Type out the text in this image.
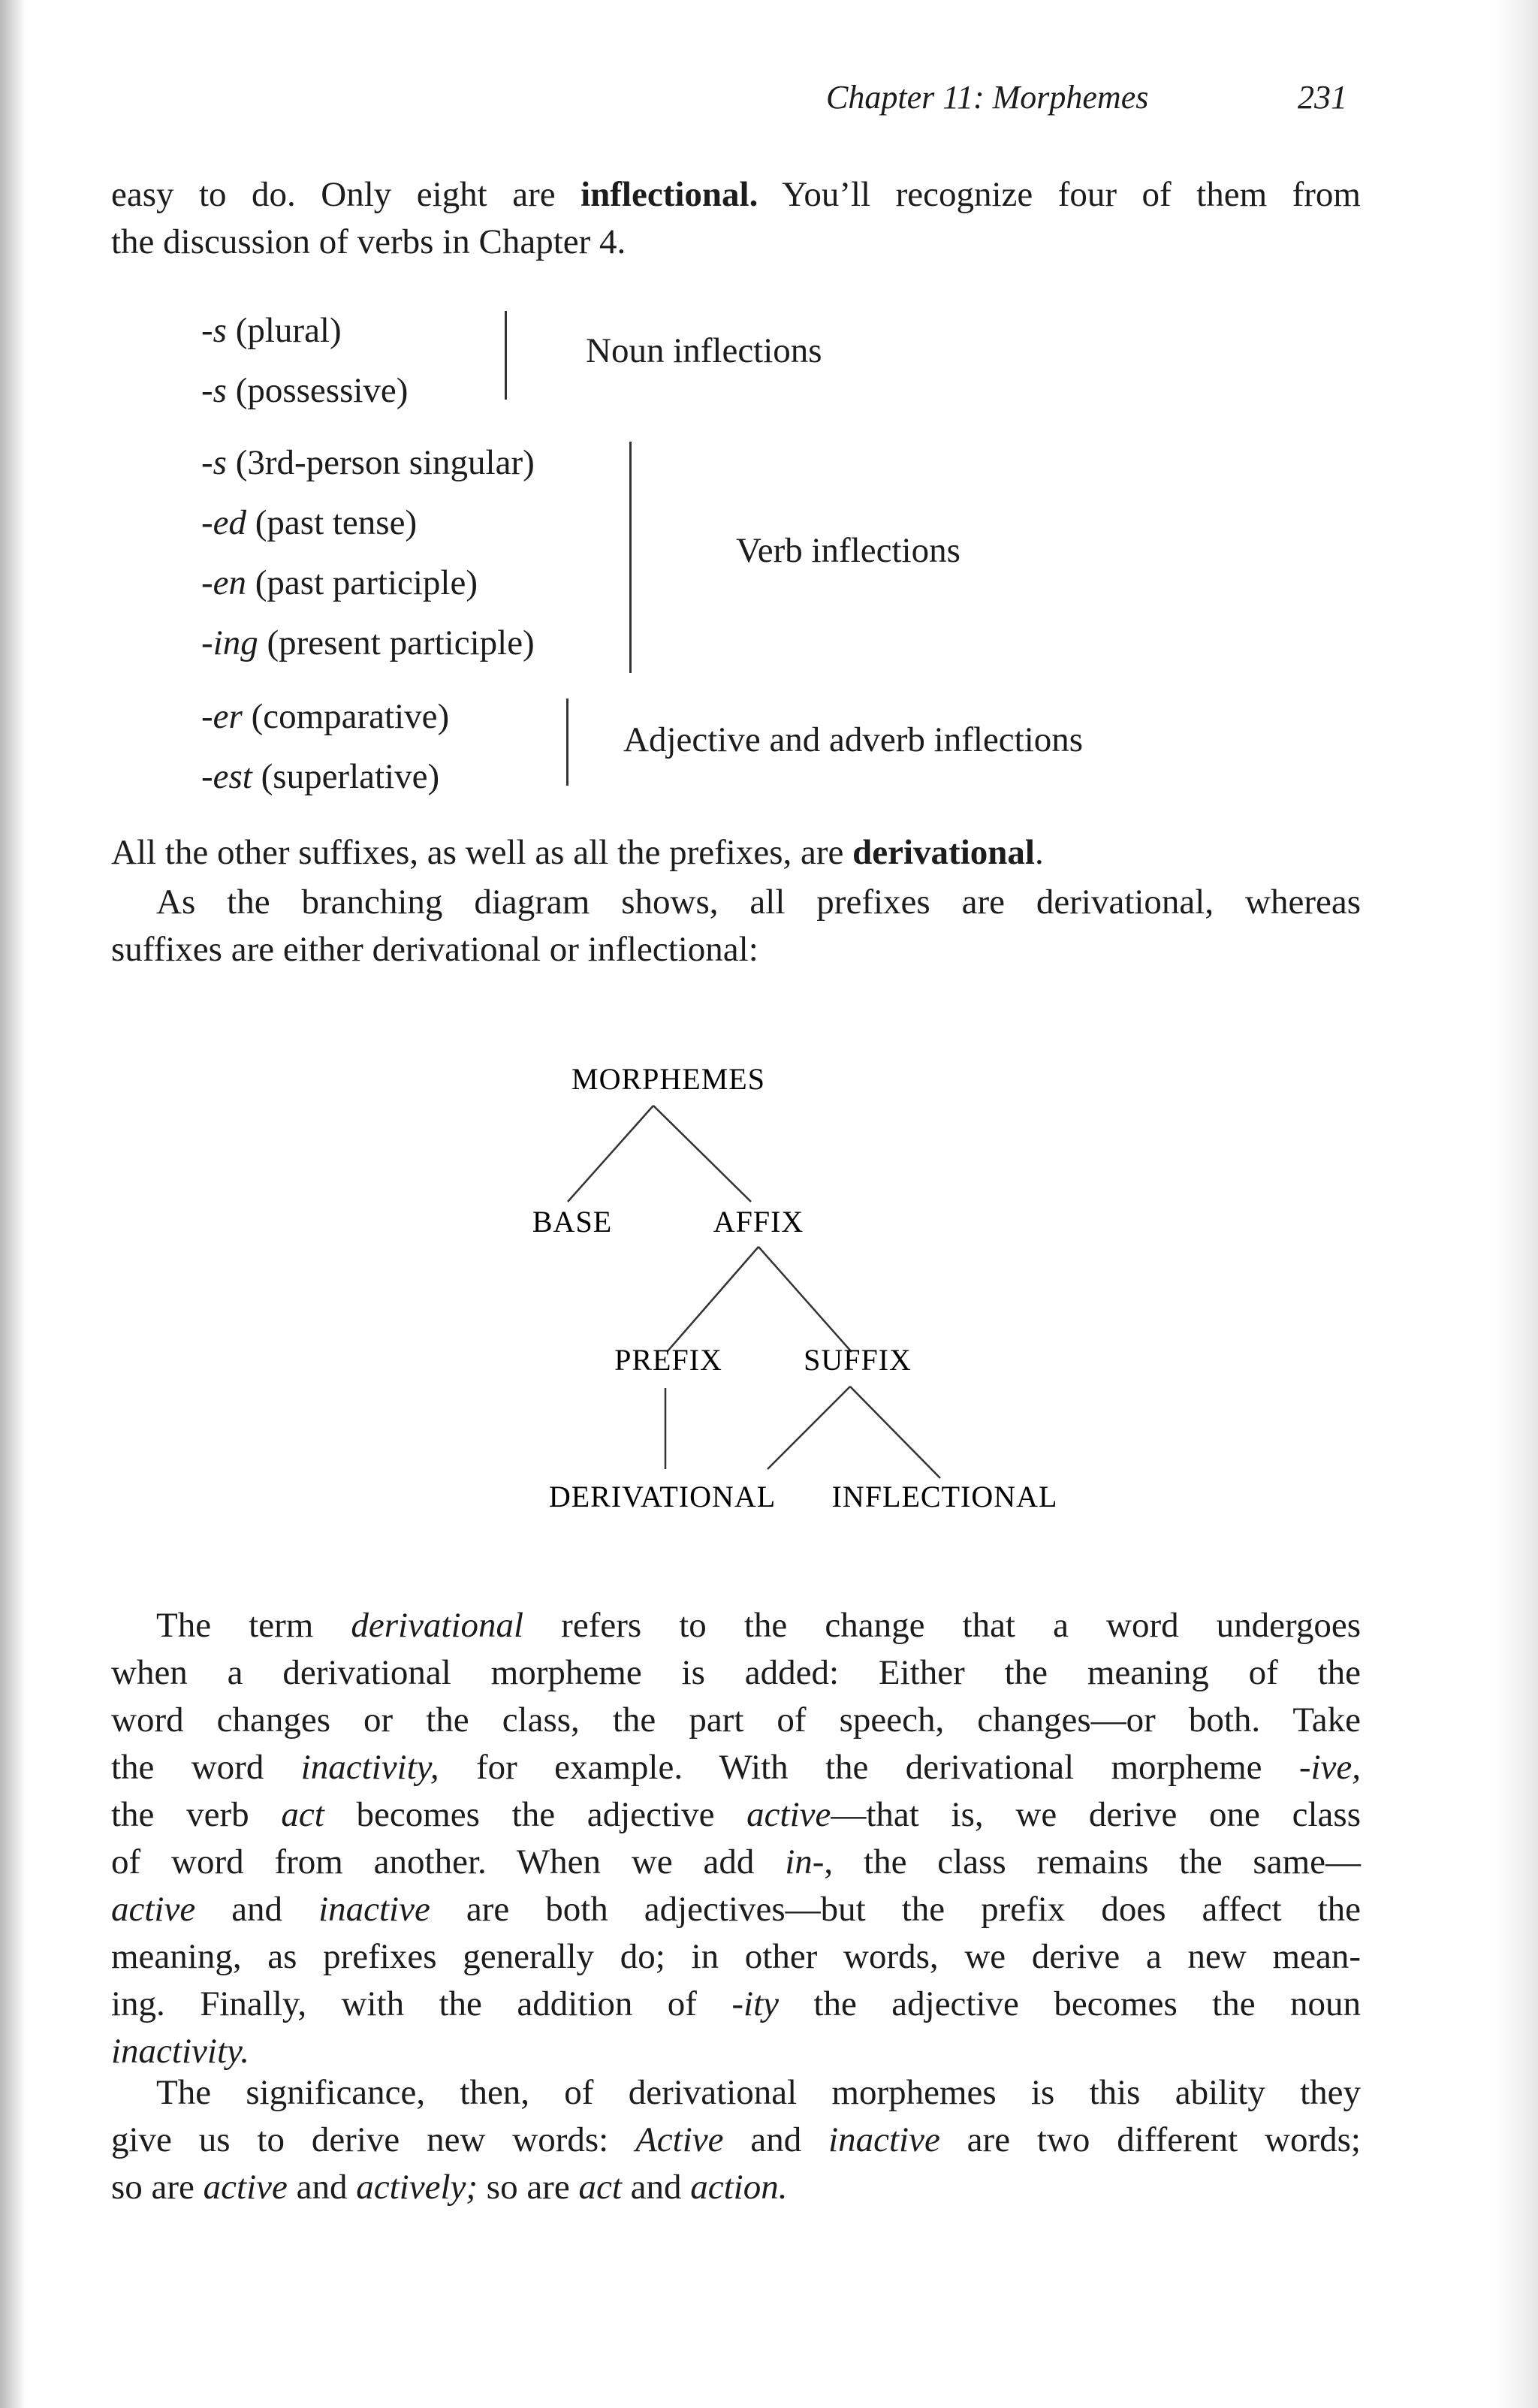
Chapter 11: Morphemes	231
easy to do. Only eight are inflectional. You’ll recognize four of them from
the discussion of verbs in Chapter 4.
-s (plural)
-s (possessive)
Noun inflections
-s (3rd-person singular)
-ed (past tense)
-en (past participle)
-ing (present participle)
Verb inflections
-er (comparative)
-est (superlative)
Adjective and adverb inflections
All the other suffixes, as well as all the prefixes, are derivational.
As the branching diagram shows, all prefixes are derivational, whereas
suffixes are either derivational or inflectional:
MORPHEMES
BASE	AFFIX
PREFIX	SUFFIX
DERIVATIONAL INFLECTIONAL
The term derivational refers to the change that a word undergoes
when a derivational morpheme is added: Either the meaning of the
word changes or the class, the part of speech, changes—or both. Take
the word inactivity, for example. With the derivational morpheme -ive,
the verb act becomes the adjective active—that is, we derive one class
of word from another. When we add in-, the class remains the same—
active and inactive are both adjectives—but the prefix does affect the
meaning, as prefixes generally do; in other words, we derive a new mean-
ing. Finally, with the addition of -ity the adjective becomes the noun
inactivity.
The significance, then, of derivational morphemes is this ability they
give us to derive new words: Active and inactive are two different words;
so are active and actively; so are act and action.
